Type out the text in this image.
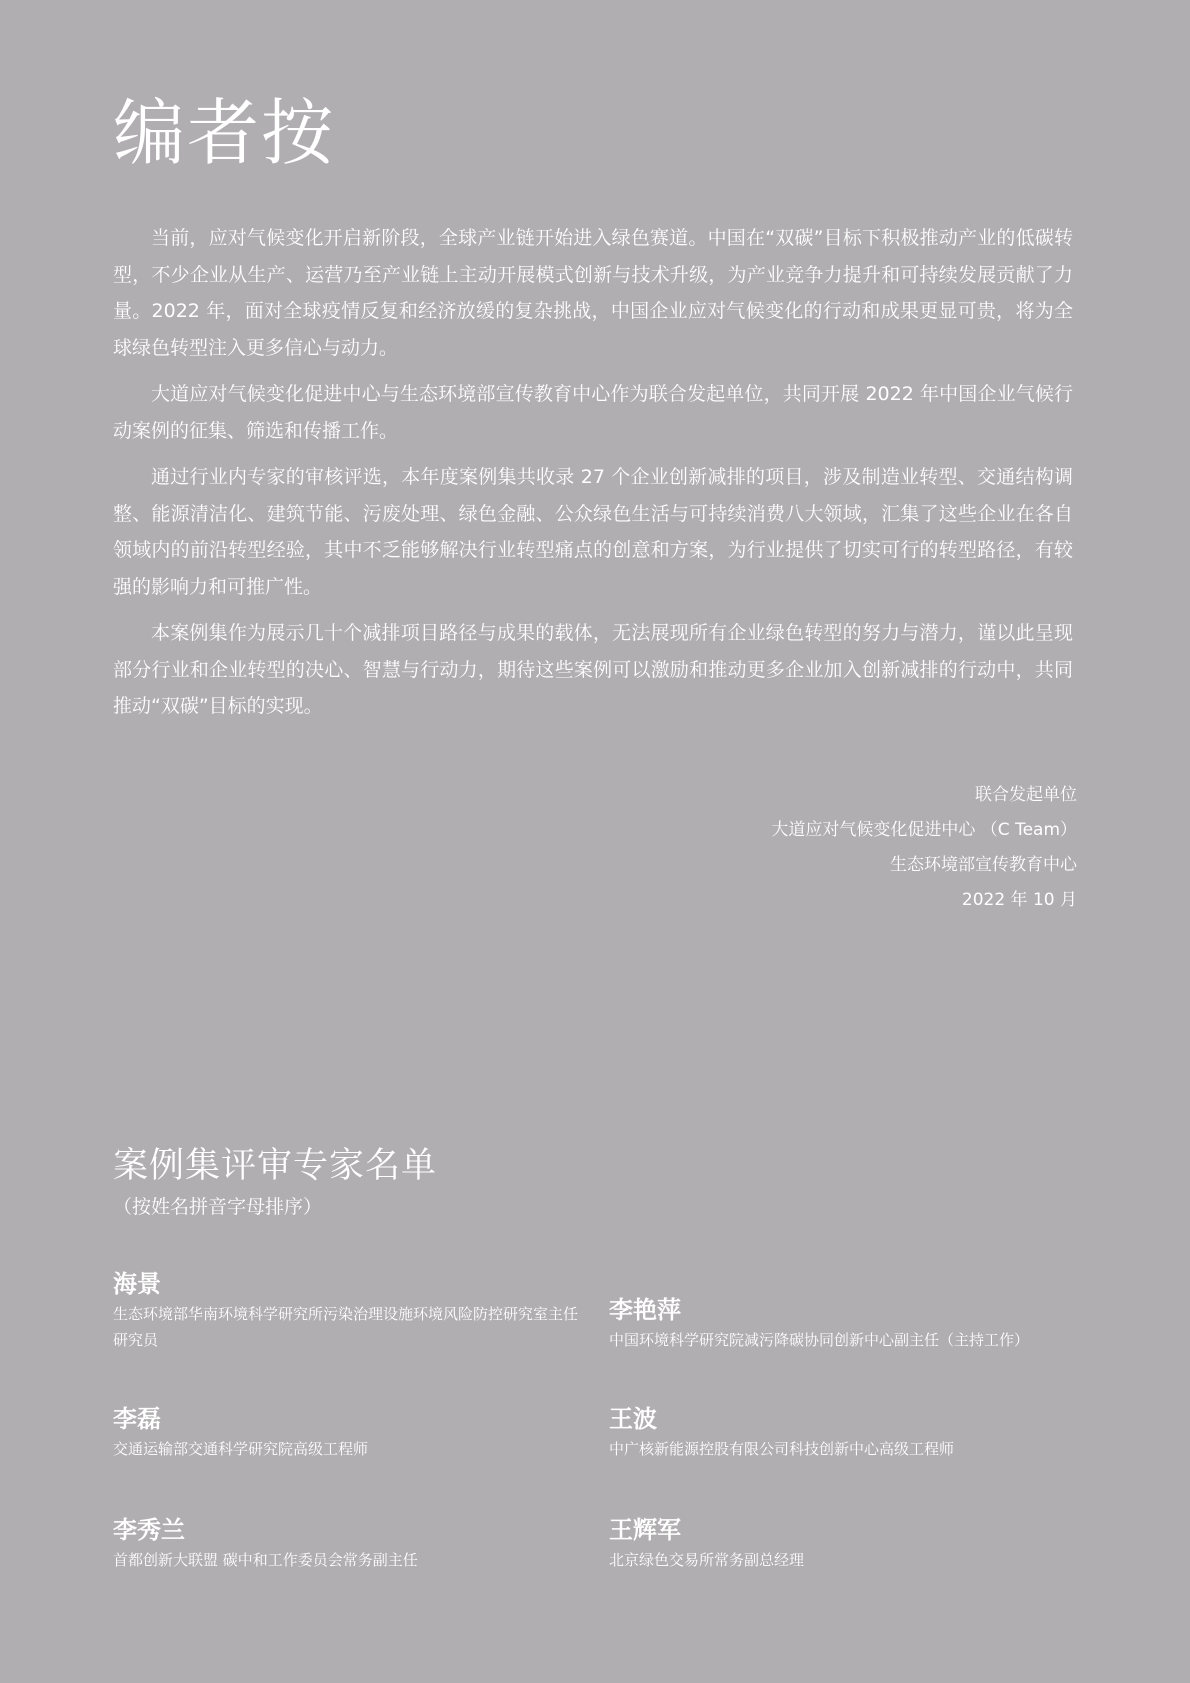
编者按

当前，应对气候变化开启新阶段，全球产业链开始进入绿色赛道。中国在“双碳”目标下积极推动产业的低碳转型，不少企业从生产、运营乃至产业链上主动开展模式创新与技术升级，为产业竞争力提升和可持续发展贡献了力量。2022 年，面对全球疫情反复和经济放缓的复杂挑战，中国企业应对气候变化的行动和成果更显可贵，将为全球绿色转型注入更多信心与动力。

大道应对气候变化促进中心与生态环境部宣传教育中心作为联合发起单位，共同开展 2022 年中国企业气候行动案例的征集、筛选和传播工作。

通过行业内专家的审核评选，本年度案例集共收录 27 个企业创新减排的项目，涉及制造业转型、交通结构调整、能源清洁化、建筑节能、污废处理、绿色金融、公众绿色生活与可持续消费八大领域，汇集了这些企业在各自领域内的前沿转型经验，其中不乏能够解决行业转型痛点的创意和方案，为行业提供了切实可行的转型路径，有较强的影响力和可推广性。

本案例集作为展示几十个减排项目路径与成果的载体，无法展现所有企业绿色转型的努力与潜力，谨以此呈现部分行业和企业转型的决心、智慧与行动力，期待这些案例可以激励和推动更多企业加入创新减排的行动中，共同推动“双碳”目标的实现。

联合发起单位
大道应对气候变化促进中心 （C Team）
生态环境部宣传教育中心
2022 年 10 月
案例集评审专家名单
（按姓名拼音字母排序）
海景
生态环境部华南环境科学研究所污染治理设施环境风险防控研究室主任 研究员
李艳萍
中国环境科学研究院减污降碳协同创新中心副主任（主持工作）
李磊
交通运输部交通科学研究院高级工程师
王波
中广核新能源控股有限公司科技创新中心高级工程师
李秀兰
首都创新大联盟 碳中和工作委员会常务副主任
王辉军
北京绿色交易所常务副总经理
